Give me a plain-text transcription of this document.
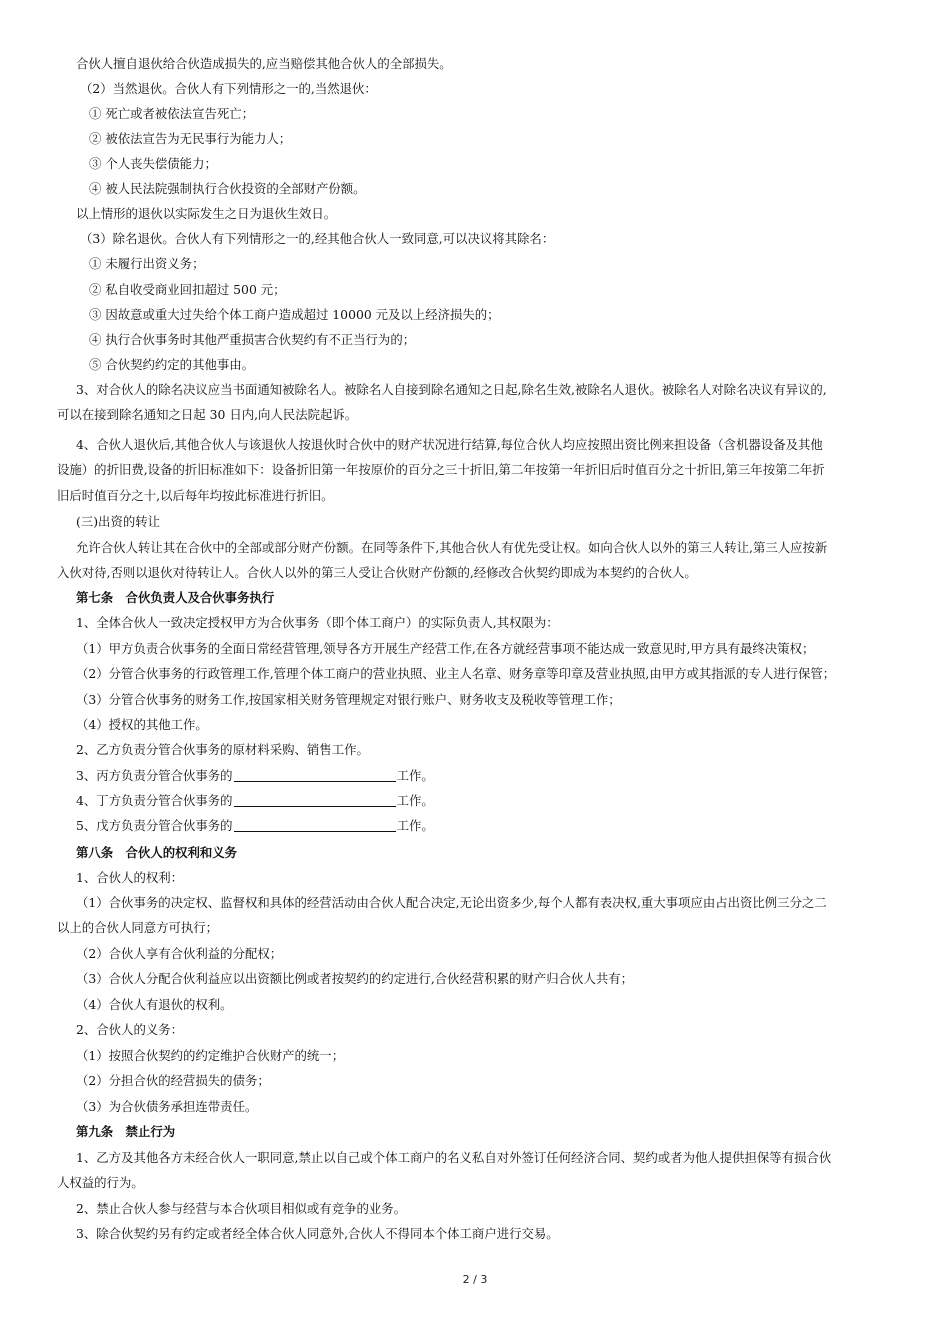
合伙人擅自退伙给合伙造成损失的,应当赔偿其他合伙人的全部损失。
（2）当然退伙。合伙人有下列情形之一的,当然退伙：
① 死亡或者被依法宣告死亡；
② 被依法宣告为无民事行为能力人；
③ 个人丧失偿债能力；
④ 被人民法院强制执行合伙投资的全部财产份额。
以上情形的退伙以实际发生之日为退伙生效日。
（3）除名退伙。合伙人有下列情形之一的,经其他合伙人一致同意,可以决议将其除名：
① 未履行出资义务；
② 私自收受商业回扣超过 500 元；
③ 因故意或重大过失给个体工商户造成超过 10000 元及以上经济损失的；
④ 执行合伙事务时其他严重损害合伙契约有不正当行为的；
⑤ 合伙契约约定的其他事由。
3、对合伙人的除名决议应当书面通知被除名人。被除名人自接到除名通知之日起,除名生效,被除名人退伙。被除名人对除名决议有异议的,
可以在接到除名通知之日起 30 日内,向人民法院起诉。
4、合伙人退伙后,其他合伙人与该退伙人按退伙时合伙中的财产状况进行结算,每位合伙人均应按照出资比例来担设备（含机器设备及其他
设施）的折旧费,设备的折旧标准如下：设备折旧第一年按原价的百分之三十折旧,第二年按第一年折旧后时值百分之十折旧,第三年按第二年折
旧后时值百分之十,以后每年均按此标准进行折旧。
(三)出资的转让
允许合伙人转让其在合伙中的全部或部分财产份额。在同等条件下,其他合伙人有优先受让权。如向合伙人以外的第三人转让,第三人应按新
入伙对待,否则以退伙对待转让人。合伙人以外的第三人受让合伙财产份额的,经修改合伙契约即成为本契约的合伙人。
第七条　合伙负责人及合伙事务执行
1、全体合伙人一致决定授权甲方为合伙事务（即个体工商户）的实际负责人,其权限为：
（1）甲方负责合伙事务的全面日常经营管理,领导各方开展生产经营工作,在各方就经营事项不能达成一致意见时,甲方具有最终决策权；
（2）分管合伙事务的行政管理工作,管理个体工商户的营业执照、业主人名章、财务章等印章及营业执照,由甲方或其指派的专人进行保管；
（3）分管合伙事务的财务工作,按国家相关财务管理规定对银行账户、财务收支及税收等管理工作；
（4）授权的其他工作。
2、乙方负责分管合伙事务的原材料采购、销售工作。
3、丙方负责分管合伙事务的	工作。
4、丁方负责分管合伙事务的	工作。
5、戊方负责分管合伙事务的	工作。
第八条　合伙人的权利和义务
1、合伙人的权利：
（1）合伙事务的决定权、监督权和具体的经营活动由合伙人配合决定,无论出资多少,每个人都有表决权,重大事项应由占出资比例三分之二
以上的合伙人同意方可执行；
（2）合伙人享有合伙利益的分配权；
（3）合伙人分配合伙利益应以出资额比例或者按契约的约定进行,合伙经营积累的财产归合伙人共有；
（4）合伙人有退伙的权利。
2、合伙人的义务：
（1）按照合伙契约的约定维护合伙财产的统一；
（2）分担合伙的经营损失的债务；
（3）为合伙债务承担连带责任。
第九条　禁止行为
1、乙方及其他各方未经合伙人一职同意,禁止以自己或个体工商户的名义私自对外签订任何经济合同、契约或者为他人提供担保等有损合伙
人权益的行为。
2、禁止合伙人参与经营与本合伙项目相似或有竞争的业务。
3、除合伙契约另有约定或者经全体合伙人同意外,合伙人不得同本个体工商户进行交易。
2 / 3
